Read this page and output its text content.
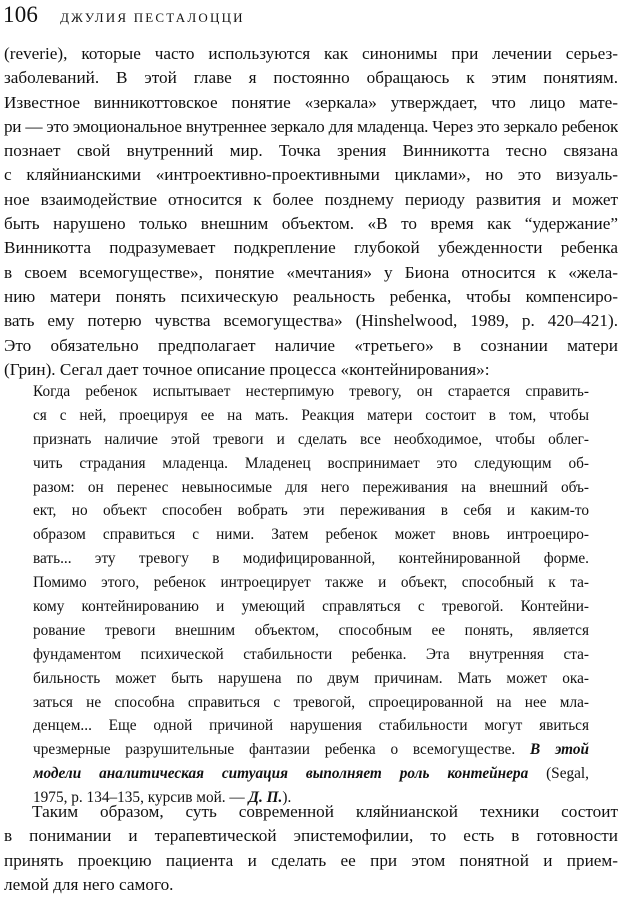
106 ДЖУЛИЯ ПЕСТАЛОЦЦИ
(reverie), которые часто используются как синонимы при лечении серьез-
заболеваний. В этой главе я постоянно обращаюсь к этим понятиям.
Известное винникоттовское понятие «зеркала» утверждает, что лицо мате-
ри — это эмоциональное внутреннее зеркало для младенца. Через это зеркало ребенок
познает свой внутренний мир. Точка зрения Винникотта тесно связана
с кляйнианскими «интроективно-проективными циклами», но это визуаль-
ное взаимодействие относится к более позднему периоду развития и может
быть нарушено только внешним объектом. «В то время как “удержание”
Винникотта подразумевает подкрепление глубокой убежденности ребенка
в своем всемогуществе», понятие «мечтания» у Биона относится к «жела-
нию матери понять психическую реальность ребенка, чтобы компенсиро-
вать ему потерю чувства всемогущества» (Hinshelwood, 1989, p. 420–421).
Это обязательно предполагает наличие «третьего» в сознании матери
(Грин). Сегал дает точное описание процесса «контейнирования»:
Когда ребенок испытывает нестерпимую тревогу, он старается справить-
ся с ней, проецируя ее на мать. Реакция матери состоит в том, чтобы
признать наличие этой тревоги и сделать все необходимое, чтобы облег-
чить страдания младенца. Младенец воспринимает это следующим об-
разом: он перенес невыносимые для него переживания на внешний объ-
ект, но объект способен вобрать эти переживания в себя и каким-то
образом справиться с ними. Затем ребенок может вновь интроециро-
вать... эту тревогу в модифицированной, контейнированной форме.
Помимо этого, ребенок интроецирует также и объект, способный к та-
кому контейнированию и умеющий справляться с тревогой. Контейни-
рование тревоги внешним объектом, способным ее понять, является
фундаментом психической стабильности ребенка. Эта внутренняя ста-
бильность может быть нарушена по двум причинам. Мать может ока-
заться не способна справиться с тревогой, спроецированной на нее мла-
денцем... Еще одной причиной нарушения стабильности могут явиться
чрезмерные разрушительные фантазии ребенка о всемогуществе. В этой
модели аналитическая ситуация выполняет роль контейнера (Segal,
1975, p. 134–135, курсив мой. — Д. П.).
Таким образом, суть современной кляйнианской техники состоит
в понимании и терапевтической эпистемофилии, то есть в готовности
принять проекцию пациента и сделать ее при этом понятной и прием-
лемой для него самого.
